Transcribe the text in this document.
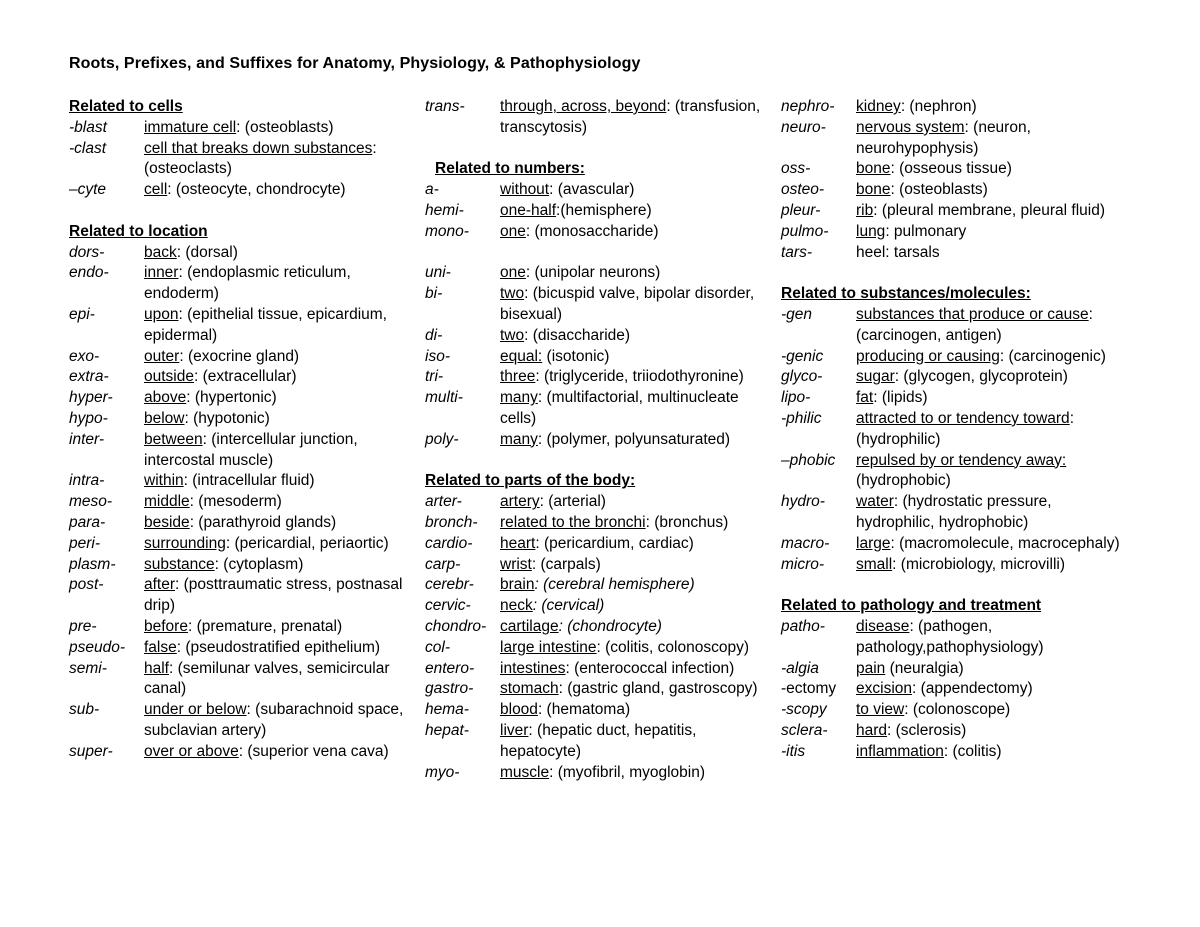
Roots, Prefixes, and Suffixes for Anatomy, Physiology, & Pathophysiology
Related to cells
-blast	immature cell: (osteoblasts)
-clast	cell that breaks down substances: (osteoclasts)
–cyte	cell: (osteocyte, chondrocyte)
Related to location
dors-	back: (dorsal)
endo-	inner: (endoplasmic reticulum, endoderm)
epi-	upon: (epithelial tissue, epicardium, epidermal)
exo-	outer: (exocrine gland)
extra-	outside: (extracellular)
hyper-	above: (hypertonic)
hypo-	below: (hypotonic)
inter-	between: (intercellular junction, intercostal muscle)
intra-	within: (intracellular fluid)
meso-	middle: (mesoderm)
para-	beside: (parathyroid glands)
peri-	surrounding: (pericardial, periaortic)
plasm-	substance: (cytoplasm)
post-	after: (posttraumatic stress, postnasal drip)
pre-	before: (premature, prenatal)
pseudo-	false: (pseudostratified epithelium)
semi-	half: (semilunar valves, semicircular canal)
sub-	under or below: (subarachnoid space, subclavian artery)
super-	over or above: (superior vena cava)
trans-	through, across, beyond: (transfusion, transcytosis)
Related to numbers:
a-	without: (avascular)
hemi-	one-half:(hemisphere)
mono-	one: (monosaccharide)
uni-	one: (unipolar neurons)
bi-	two: (bicuspid valve, bipolar disorder, bisexual)
di-	two: (disaccharide)
iso-	equal: (isotonic)
tri-	three: (triglyceride, triiodothyronine)
multi-	many: (multifactorial, multinucleate cells)
poly-	many: (polymer, polyunsaturated)
Related to parts of the body:
arter-	artery: (arterial)
bronch-	related to the bronchi: (bronchus)
cardio-	heart: (pericardium, cardiac)
carp-	wrist: (carpals)
cerebr-	brain: (cerebral hemisphere)
cervic-	neck: (cervical)
chondro- cartilage: (chondrocyte)
col-	large intestine: (colitis, colonoscopy)
entero-	intestines: (enterococcal infection)
gastro-	stomach: (gastric gland, gastroscopy)
hema-	blood: (hematoma)
hepat-	liver: (hepatic duct, hepatitis, hepatocyte)
myo-	muscle: (myofibril, myoglobin)
nephro-	kidney: (nephron)
neuro-	nervous system: (neuron, neurohypophysis)
oss-	bone: (osseous tissue)
osteo-	bone: (osteoblasts)
pleur-	rib: (pleural membrane, pleural fluid)
pulmo-	lung: pulmonary
tars-	heel: tarsals
Related to substances/molecules:
-gen	substances that produce or cause: (carcinogen, antigen)
-genic	producing or causing: (carcinogenic)
glyco-	sugar: (glycogen, glycoprotein)
lipo-	fat: (lipids)
-philic	attracted to or tendency toward: (hydrophilic)
–phobic	repulsed by or tendency away: (hydrophobic)
hydro-	water: (hydrostatic pressure, hydrophilic, hydrophobic)
macro-	large: (macromolecule, macrocephaly)
micro-	small: (microbiology, microvilli)
Related to pathology and treatment
patho-	disease: (pathogen, pathology,pathophysiology)
-algia	pain (neuralgia)
-ectomy	excision: (appendectomy)
-scopy	to view: (colonoscope)
sclera-	hard: (sclerosis)
-itis	inflammation: (colitis)
